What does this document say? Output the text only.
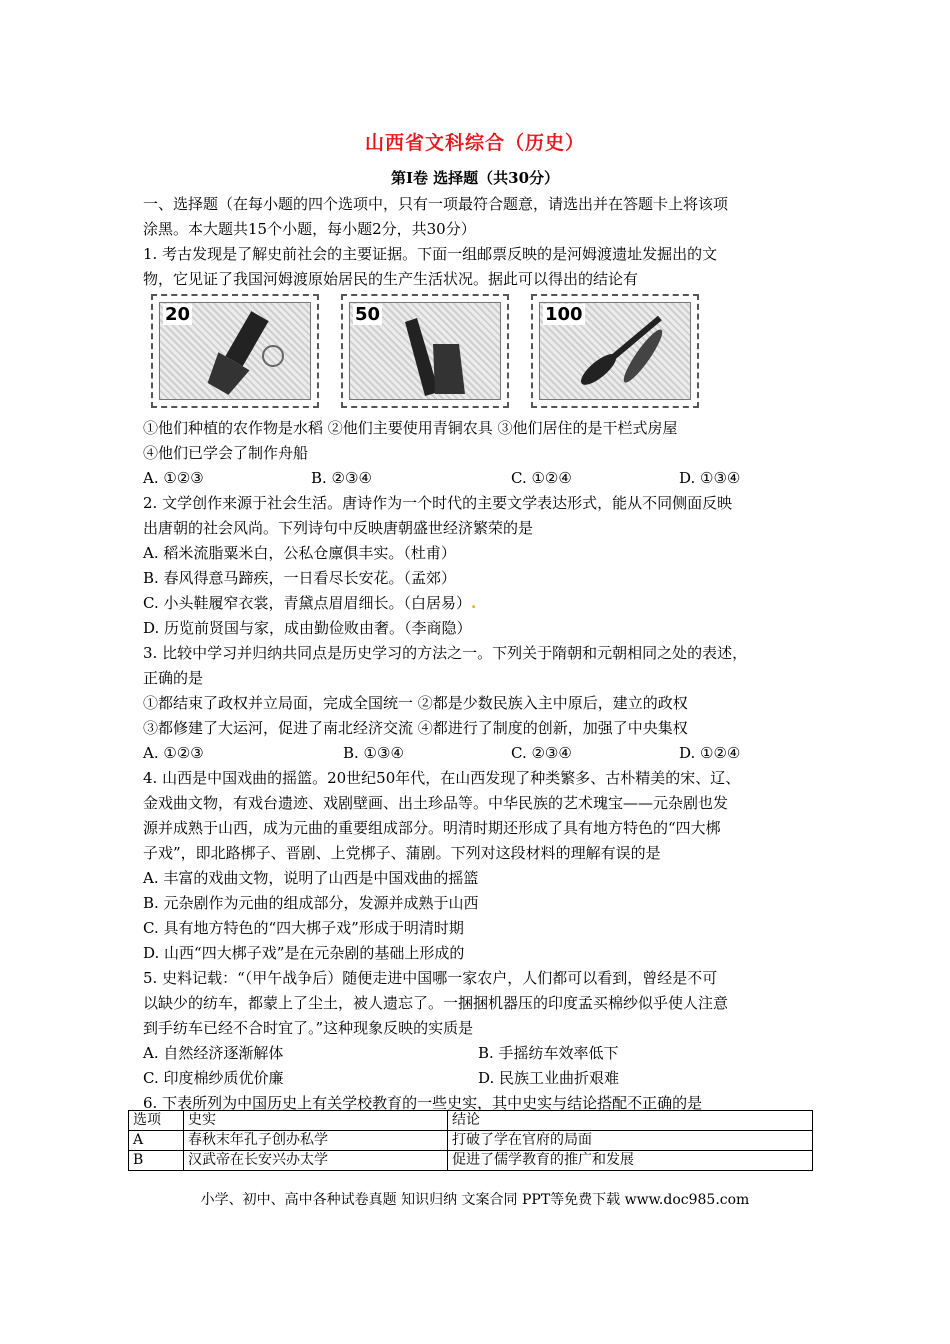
山西省文科综合（历史）
第Ⅰ卷 选择题（共30分）
一、选择题（在每小题的四个选项中，只有一项最符合题意，请选出并在答题卡上将该项
涂黑。本大题共15个小题，每小题2分，共30分）
1. 考古发现是了解史前社会的主要证据。下面一组邮票反映的是河姆渡遗址发掘出的文
物，它见证了我国河姆渡原始居民的生产生活状况。据此可以得出的结论有
20	50	100
①他们种植的农作物是水稻 ②他们主要使用青铜农具 ③他们居住的是干栏式房屋
④他们已学会了制作舟船
A. ①②③	B. ②③④	C. ①②④	D. ①③④
2. 文学创作来源于社会生活。唐诗作为一个时代的主要文学表达形式，能从不同侧面反映
出唐朝的社会风尚。下列诗句中反映唐朝盛世经济繁荣的是
A. 稻米流脂粟米白，公私仓廪俱丰实。（杜甫）
B. 春风得意马蹄疾，一日看尽长安花。（孟郊）
C. 小头鞋履窄衣裳，青黛点眉眉细长。（白居易）.
D. 历览前贤国与家，成由勤俭败由奢。（李商隐）
3. 比较中学习并归纳共同点是历史学习的方法之一。下列关于隋朝和元朝相同之处的表述，
正确的是
①都结束了政权并立局面，完成全国统一 ②都是少数民族入主中原后，建立的政权
③都修建了大运河，促进了南北经济交流 ④都进行了制度的创新，加强了中央集权
A. ①②③	B. ①③④	C. ②③④	D. ①②④
4. 山西是中国戏曲的摇篮。20世纪50年代，在山西发现了种类繁多、古朴精美的宋、辽、
金戏曲文物，有戏台遗迹、戏剧壁画、出土珍品等。中华民族的艺术瑰宝——元杂剧也发
源并成熟于山西，成为元曲的重要组成部分。明清时期还形成了具有地方特色的“四大梆
子戏”，即北路梆子、晋剧、上党梆子、蒲剧。下列对这段材料的理解有误的是
A. 丰富的戏曲文物，说明了山西是中国戏曲的摇篮
B. 元杂剧作为元曲的组成部分，发源并成熟于山西
C. 具有地方特色的“四大梆子戏”形成于明清时期
D. 山西“四大梆子戏”是在元杂剧的基础上形成的
5. 史料记载：“（甲午战争后）随便走进中国哪一家农户，人们都可以看到，曾经是不可
以缺少的纺车，都蒙上了尘土，被人遗忘了。一捆捆机器压的印度孟买棉纱似乎使人注意
到手纺车已经不合时宜了。”这种现象反映的实质是
A. 自然经济逐渐解体	B. 手摇纺车效率低下
C. 印度棉纱质优价廉	D. 民族工业曲折艰难
6. 下表所列为中国历史上有关学校教育的一些史实，其中史实与结论搭配不正确的是
选项	史实	结论
A	春秋末年孔子创办私学	打破了学在官府的局面
B	汉武帝在长安兴办太学	促进了儒学教育的推广和发展
小学、初中、高中各种试卷真题 知识归纳 文案合同 PPT等免费下载 www.doc985.com
